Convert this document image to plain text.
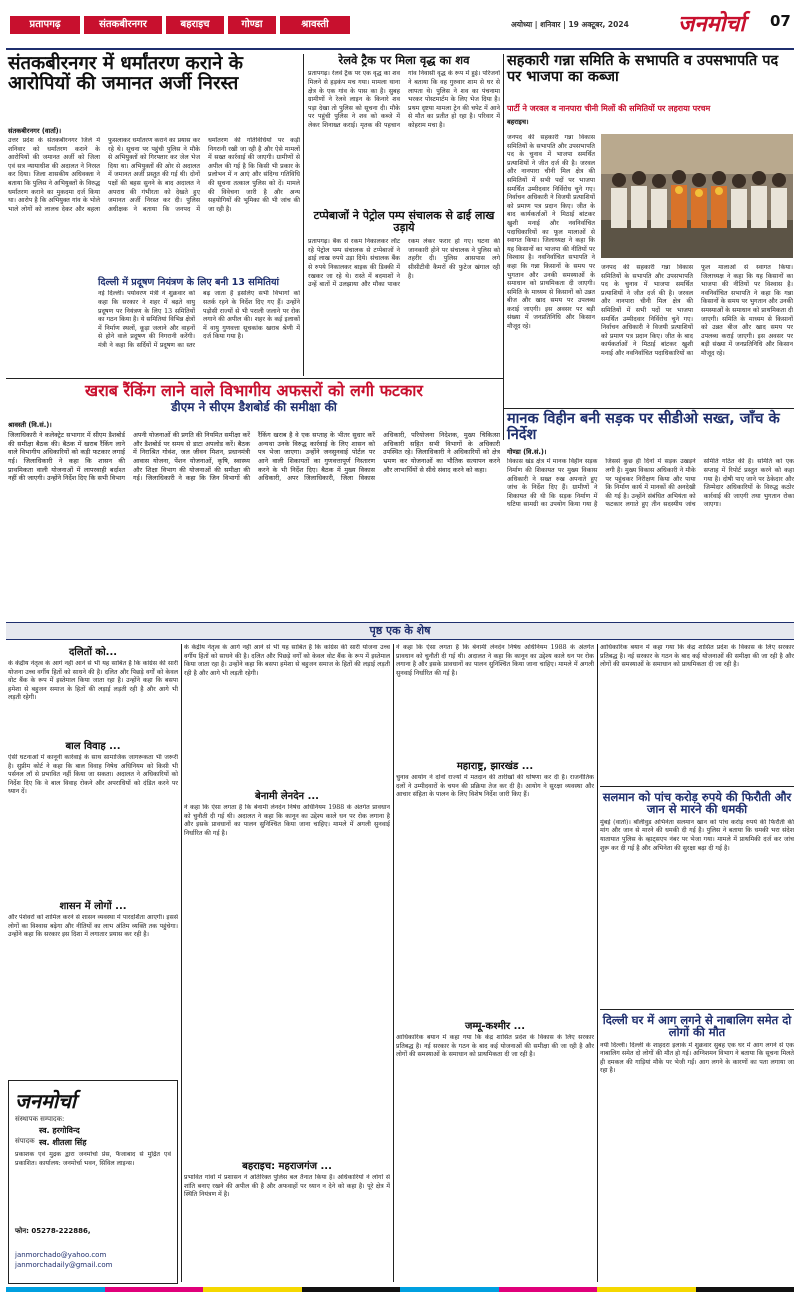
प्रतापगढ़	संतकबीरनगर	बहराइच	गोण्डा	श्रावस्ती	अयोध्या | शनिवार | 19 अक्टूबर, 2024	जनमोर्चा	07
संतकबीरनगर में धर्मांतरण कराने के आरोपियों की जमानत अर्जी निरस्त
संतकबीरनगर (वार्ता)।
उत्तर प्रदेश के संतकबीरनगर जिले में शनिवार को धर्मांतरण कराने के आरोपियों की जमानत अर्जी को जिला एवं सत्र न्यायाधीश की अदालत ने निरस्त कर दिया। जिला शासकीय अधिवक्ता ने बताया कि पुलिस ने अभियुक्तों के विरुद्ध धर्मांतरण कराने का मुकदमा दर्ज किया था। आरोप है कि अभियुक्त गांव के भोले भाले लोगों को लालच देकर और बहला फुसलाकर धर्मांतरण कराने का प्रयास कर रहे थे। सूचना पर पहुंची पुलिस ने मौके से अभियुक्तों को गिरफ्तार कर जेल भेज दिया था। अभियुक्तों की ओर से अदालत में जमानत अर्जी प्रस्तुत की गई थी। दोनों पक्षों की बहस सुनने के बाद अदालत ने अपराध की गंभीरता को देखते हुए जमानत अर्जी निरस्त कर दी। पुलिस अधीक्षक ने बताया कि जनपद में धर्मांतरण की गतिविधियों पर कड़ी निगरानी रखी जा रही है और ऐसे मामलों में सख्त कार्रवाई की जाएगी। ग्रामीणों से अपील की गई है कि किसी भी प्रकार के प्रलोभन में न आएं और संदिग्ध गतिविधि की सूचना तत्काल पुलिस को दें। मामले की विवेचना जारी है और अन्य सहयोगियों की भूमिका की भी जांच की जा रही है।
दिल्ली में प्रदूषण नियंत्रण के लिए बनी 13 समितियां
नई दिल्ली। पर्यावरण मंत्री ने शुक्रवार को कहा कि सरकार ने शहर में बढ़ते वायु प्रदूषण पर नियंत्रण के लिए 13 समितियों का गठन किया है। ये समितियां विभिन्न क्षेत्रों में निर्माण स्थलों, कूड़ा जलाने और वाहनों से होने वाले प्रदूषण की निगरानी करेंगी। मंत्री ने कहा कि सर्दियों में प्रदूषण का स्तर बढ़ जाता है इसलिए सभी विभागों को सतर्क रहने के निर्देश दिए गए हैं। उन्होंने पड़ोसी राज्यों से भी पराली जलाने पर रोक लगाने की अपील की। शहर के कई इलाकों में वायु गुणवत्ता सूचकांक खराब श्रेणी में दर्ज किया गया है।
रेलवे ट्रैक पर मिला वृद्ध का शव
प्रतापगढ़। रेलवे ट्रैक पर एक वृद्ध का शव मिलने से हड़कंप मच गया। मामला थाना क्षेत्र के एक गांव के पास का है। सुबह ग्रामीणों ने रेलवे लाइन के किनारे शव पड़ा देखा तो पुलिस को सूचना दी। मौके पर पहुंची पुलिस ने शव को कब्जे में लेकर शिनाख्त कराई। मृतक की पहचान गांव निवासी वृद्ध के रूप में हुई। परिजनों ने बताया कि वह गुरुवार शाम से घर से लापता थे। पुलिस ने शव का पंचनामा भरकर पोस्टमार्टम के लिए भेज दिया है। प्रथम दृष्टया मामला ट्रेन की चपेट में आने से मौत का प्रतीत हो रहा है। परिवार में कोहराम मचा है।
टप्पेबाजों ने पेट्रोल पम्प संचालक से ढाई लाख उड़ाये
प्रतापगढ़। बैंक से रकम निकालकर लौट रहे पेट्रोल पम्प संचालक से टप्पेबाजों ने ढाई लाख रुपये उड़ा दिये। संचालक बैंक से रुपये निकालकर बाइक की डिक्की में रखकर जा रहे थे। रास्ते में बदमाशों ने उन्हें बातों में उलझाया और मौका पाकर रकम लेकर फरार हो गए। घटना की जानकारी होने पर संचालक ने पुलिस को तहरीर दी। पुलिस आसपास लगे सीसीटीवी कैमरों की फुटेज खंगाल रही है।
सहकारी गन्ना समिति के सभापति व उपसभापति पद पर भाजपा का कब्जा
पार्टी ने जरवल व नानपारा चीनी मिलों की समितियों पर लहराया परचम
बहराइच।
जनपद की सहकारी गन्ना विकास समितियों के सभापति और उपसभापति पद के चुनाव में भाजपा समर्थित प्रत्याशियों ने जीत दर्ज की है। जरवल और नानपारा चीनी मिल क्षेत्र की समितियों में सभी पदों पर भाजपा समर्थित उम्मीदवार निर्विरोध चुने गए। निर्वाचन अधिकारी ने विजयी प्रत्याशियों को प्रमाण पत्र प्रदान किए। जीत के बाद कार्यकर्ताओं ने मिठाई बांटकर खुशी मनाई और नवनिर्वाचित पदाधिकारियों का फूल मालाओं से स्वागत किया। जिलाध्यक्ष ने कहा कि यह किसानों का भाजपा की नीतियों पर विश्वास है। नवनिर्वाचित सभापति ने कहा कि गन्ना किसानों के समय पर भुगतान और उनकी समस्याओं के समाधान को प्राथमिकता दी जाएगी। समिति के माध्यम से किसानों को उन्नत बीज और खाद समय पर उपलब्ध कराई जाएगी। इस अवसर पर बड़ी संख्या में जनप्रतिनिधि और किसान मौजूद रहे।
जनपद की सहकारी गन्ना विकास समितियों के सभापति और उपसभापति पद के चुनाव में भाजपा समर्थित प्रत्याशियों ने जीत दर्ज की है। जरवल और नानपारा चीनी मिल क्षेत्र की समितियों में सभी पदों पर भाजपा समर्थित उम्मीदवार निर्विरोध चुने गए। निर्वाचन अधिकारी ने विजयी प्रत्याशियों को प्रमाण पत्र प्रदान किए। जीत के बाद कार्यकर्ताओं ने मिठाई बांटकर खुशी मनाई और नवनिर्वाचित पदाधिकारियों का फूल मालाओं से स्वागत किया। जिलाध्यक्ष ने कहा कि यह किसानों का भाजपा की नीतियों पर विश्वास है। नवनिर्वाचित सभापति ने कहा कि गन्ना किसानों के समय पर भुगतान और उनकी समस्याओं के समाधान को प्राथमिकता दी जाएगी। समिति के माध्यम से किसानों को उन्नत बीज और खाद समय पर उपलब्ध कराई जाएगी। इस अवसर पर बड़ी संख्या में जनप्रतिनिधि और किसान मौजूद रहे।
खराब रैंकिंग लाने वाले विभागीय अफसरों को लगी फटकार
डीएम ने सीएम डैशबोर्ड की समीक्षा की
श्रावस्ती (वि.सं.)।
जिलाधिकारी ने कलेक्ट्रेट सभागार में सीएम डैशबोर्ड की समीक्षा बैठक की। बैठक में खराब रैंकिंग लाने वाले विभागीय अधिकारियों को कड़ी फटकार लगाई गई। जिलाधिकारी ने कहा कि शासन की प्राथमिकता वाली योजनाओं में लापरवाही बर्दाश्त नहीं की जाएगी। उन्होंने निर्देश दिए कि सभी विभाग अपनी योजनाओं की प्रगति की नियमित समीक्षा करें और डैशबोर्ड पर समय से डाटा अपलोड करें। बैठक में निराश्रित गोवंश, जल जीवन मिशन, प्रधानमंत्री आवास योजना, पेंशन योजनाओं, कृषि, स्वास्थ्य और शिक्षा विभाग की योजनाओं की समीक्षा की गई। जिलाधिकारी ने कहा कि जिन विभागों की रैंकिंग खराब है वे एक सप्ताह के भीतर सुधार करें अन्यथा उनके विरुद्ध कार्रवाई के लिए शासन को पत्र भेजा जाएगा। उन्होंने जनसुनवाई पोर्टल पर आने वाली शिकायतों का गुणवत्तापूर्ण निस्तारण करने के भी निर्देश दिए। बैठक में मुख्य विकास अधिकारी, अपर जिलाधिकारी, जिला विकास अधिकारी, परियोजना निदेशक, मुख्य चिकित्सा अधिकारी सहित सभी विभागों के अधिकारी उपस्थित रहे। जिलाधिकारी ने अधिकारियों को क्षेत्र भ्रमण कर योजनाओं का भौतिक सत्यापन करने और लाभार्थियों से सीधे संवाद करने को कहा।
मानक विहीन बनी सड़क पर सीडीओ सख्त, जाँच के निर्देश
गोण्डा (वि.सं.)।
विकास खंड क्षेत्र में मानक विहीन सड़क निर्माण की शिकायत पर मुख्य विकास अधिकारी ने सख्त रुख अपनाते हुए जांच के निर्देश दिए हैं। ग्रामीणों ने शिकायत की थी कि सड़क निर्माण में घटिया सामग्री का उपयोग किया गया है जिससे कुछ ही दिनों में सड़क उखड़ने लगी है। मुख्य विकास अधिकारी ने मौके पर पहुंचकर निरीक्षण किया और पाया कि निर्माण कार्य में मानकों की अनदेखी की गई है। उन्होंने संबंधित अभियंता को फटकार लगाते हुए तीन सदस्यीय जांच समिति गठित की है। समिति को एक सप्ताह में रिपोर्ट प्रस्तुत करने को कहा गया है। दोषी पाए जाने पर ठेकेदार और जिम्मेदार अधिकारियों के विरुद्ध कठोर कार्रवाई की जाएगी तथा भुगतान रोका जाएगा।
पृष्ठ एक के शेष
दलितों को...
के केंद्रीय नेतृत्व के आगे नहीं आने से भी यह साबित है कि कांग्रेस की सारी योजना उच्च वर्गीय हितों को साधने की है। दलित और पिछड़े वर्गों को केवल वोट बैंक के रूप में इस्तेमाल किया जाता रहा है। उन्होंने कहा कि बसपा हमेशा से बहुजन समाज के हितों की लड़ाई लड़ती रही है और आगे भी लड़ती रहेगी।
बाल विवाह ...
ऐसी घटनाओं में कानूनी कार्रवाई के साथ सामाजिक जागरूकता भी जरूरी है। सुप्रीम कोर्ट ने कहा कि बाल विवाह निषेध अधिनियम को किसी भी पर्सनल लॉ से प्रभावित नहीं किया जा सकता। अदालत ने अधिकारियों को निर्देश दिए कि वे बाल विवाह रोकने और अपराधियों को दंडित करने पर ध्यान दें।
शासन में लोगों ...
और पेशेवरों को शामिल करने से शासन व्यवस्था में पारदर्शिता आएगी। इससे लोगों का विश्वास बढ़ेगा और नीतियों का लाभ अंतिम व्यक्ति तक पहुंचेगा। उन्होंने कहा कि सरकार इस दिशा में लगातार प्रयास कर रही है।
के केंद्रीय नेतृत्व के आगे नहीं आने से भी यह साबित है कि कांग्रेस की सारी योजना उच्च वर्गीय हितों को साधने की है। दलित और पिछड़े वर्गों को केवल वोट बैंक के रूप में इस्तेमाल किया जाता रहा है। उन्होंने कहा कि बसपा हमेशा से बहुजन समाज के हितों की लड़ाई लड़ती रही है और आगे भी लड़ती रहेगी।
बेनामी लेनदेन ...
ने कहा कि ऐसा लगता है कि बेनामी लेनदेन निषेध अधिनियम 1988 के अंतर्गत प्रावधान को चुनौती दी गई थी। अदालत ने कहा कि कानून का उद्देश्य काले धन पर रोक लगाना है और इसके प्रावधानों का पालन सुनिश्चित किया जाना चाहिए। मामले में अगली सुनवाई निर्धारित की गई है।
बहराइच: महराजगंज ...
प्रभावित गांवों में प्रशासन ने अतिरिक्त पुलिस बल तैनात किया है। अधिकारियों ने लोगों से शांति बनाए रखने की अपील की है और अफवाहों पर ध्यान न देने को कहा है। पूरे क्षेत्र में स्थिति नियंत्रण में है।
ने कहा कि ऐसा लगता है कि बेनामी लेनदेन निषेध अधिनियम 1988 के अंतर्गत प्रावधान को चुनौती दी गई थी। अदालत ने कहा कि कानून का उद्देश्य काले धन पर रोक लगाना है और इसके प्रावधानों का पालन सुनिश्चित किया जाना चाहिए। मामले में अगली सुनवाई निर्धारित की गई है।
महाराष्ट्र, झारखंड ...
चुनाव आयोग ने दोनों राज्यों में मतदान की तारीखों की घोषणा कर दी है। राजनीतिक दलों ने उम्मीदवारों के चयन की प्रक्रिया तेज कर दी है। आयोग ने सुरक्षा व्यवस्था और आचार संहिता के पालन के लिए विशेष निर्देश जारी किए हैं।
जम्मू-कश्मीर ...
आधिकारिक बयान में कहा गया कि केंद्र शासित प्रदेश के विकास के लिए सरकार प्रतिबद्ध है। नई सरकार के गठन के बाद कई योजनाओं की समीक्षा की जा रही है और लोगों की समस्याओं के समाधान को प्राथमिकता दी जा रही है।
आधिकारिक बयान में कहा गया कि केंद्र शासित प्रदेश के विकास के लिए सरकार प्रतिबद्ध है। नई सरकार के गठन के बाद कई योजनाओं की समीक्षा की जा रही है और लोगों की समस्याओं के समाधान को प्राथमिकता दी जा रही है।
सलमान को पांच करोड़ रुपये की फिरौती और जान से मारने की धमकी
मुंबई (वार्ता)। बॉलीवुड अभिनेता सलमान खान को पांच करोड़ रुपये की फिरौती की मांग और जान से मारने की धमकी दी गई है। पुलिस ने बताया कि धमकी भरा संदेश यातायात पुलिस के व्हाट्सएप नंबर पर भेजा गया। मामले में प्राथमिकी दर्ज कर जांच शुरू कर दी गई है और अभिनेता की सुरक्षा बढ़ा दी गई है।
दिल्ली घर में आग लगने से नाबालिग समेत दो लोगों की मौत
नयी दिल्ली। दिल्ली के शाहदरा इलाके में शुक्रवार सुबह एक घर में आग लगने से एक नाबालिग समेत दो लोगों की मौत हो गई। अग्निशमन विभाग ने बताया कि सूचना मिलते ही दमकल की गाड़ियां मौके पर भेजी गईं। आग लगने के कारणों का पता लगाया जा रहा है।
जनमोर्चा
संस्थापक सम्पादक:
स्व. हरगोविन्द
संपादक स्व. शीतला सिंह
प्रकाशक एवं मुद्रक द्वारा जनमोर्चा प्रेस, फैजाबाद से मुद्रित एवं प्रकाशित। कार्यालय: जनमोर्चा भवन, सिविल लाइन्स।
फोन: 05278-222886,
janmorchado@yahoo.com
janmorchadaily@gmail.com
